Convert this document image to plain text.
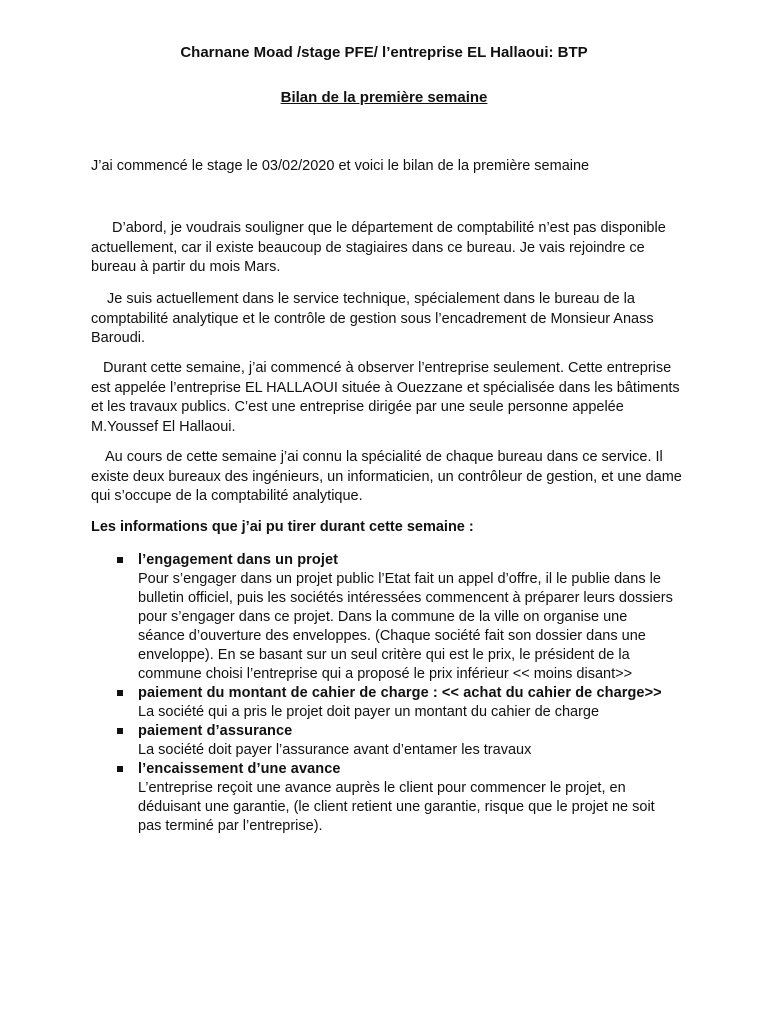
Charnane Moad /stage PFE/ l’entreprise EL Hallaoui: BTP
Bilan de la première semaine
J’ai commencé le stage le 03/02/2020 et voici le bilan de la première semaine
D’abord, je voudrais souligner que le département de comptabilité n’est pas disponible actuellement, car il existe beaucoup de stagiaires dans ce bureau. Je vais rejoindre ce bureau à partir du mois Mars.
Je suis actuellement dans le service technique, spécialement dans le bureau de la comptabilité analytique et le contrôle de gestion sous l’encadrement de Monsieur Anass Baroudi.
Durant cette semaine, j’ai commencé à observer l’entreprise seulement. Cette entreprise est appelée l’entreprise EL HALLAOUI située à Ouezzane et spécialisée dans les bâtiments et les travaux publics. C’est une entreprise dirigée par une seule personne appelée M.Youssef El Hallaoui.
Au cours de cette semaine j’ai connu la spécialité de chaque bureau dans ce service. Il existe deux bureaux des ingénieurs, un informaticien, un contrôleur de gestion, et une dame qui s’occupe de la comptabilité analytique.
Les informations que j’ai pu tirer durant cette semaine :
l’engagement dans un projet
Pour s’engager dans un projet public l’Etat fait un appel d’offre, il le publie dans le bulletin officiel, puis les sociétés intéressées commencent à préparer leurs dossiers pour s’engager dans ce projet. Dans la commune de la ville on organise une séance d’ouverture des enveloppes. (Chaque société fait son dossier dans une enveloppe). En se basant sur un seul critère qui est le prix, le président de la commune choisi l’entreprise qui a proposé le prix inférieur << moins disant>>
paiement du montant de cahier de charge : << achat du cahier de charge>>
La société qui a pris le projet doit payer un montant du cahier de charge
paiement d’assurance
La société doit payer l’assurance avant d’entamer les travaux
l’encaissement d’une avance
L’entreprise reçoit une avance auprès le client pour commencer le projet, en déduisant une garantie, (le client retient une garantie, risque que le projet ne soit pas terminé par l’entreprise).
